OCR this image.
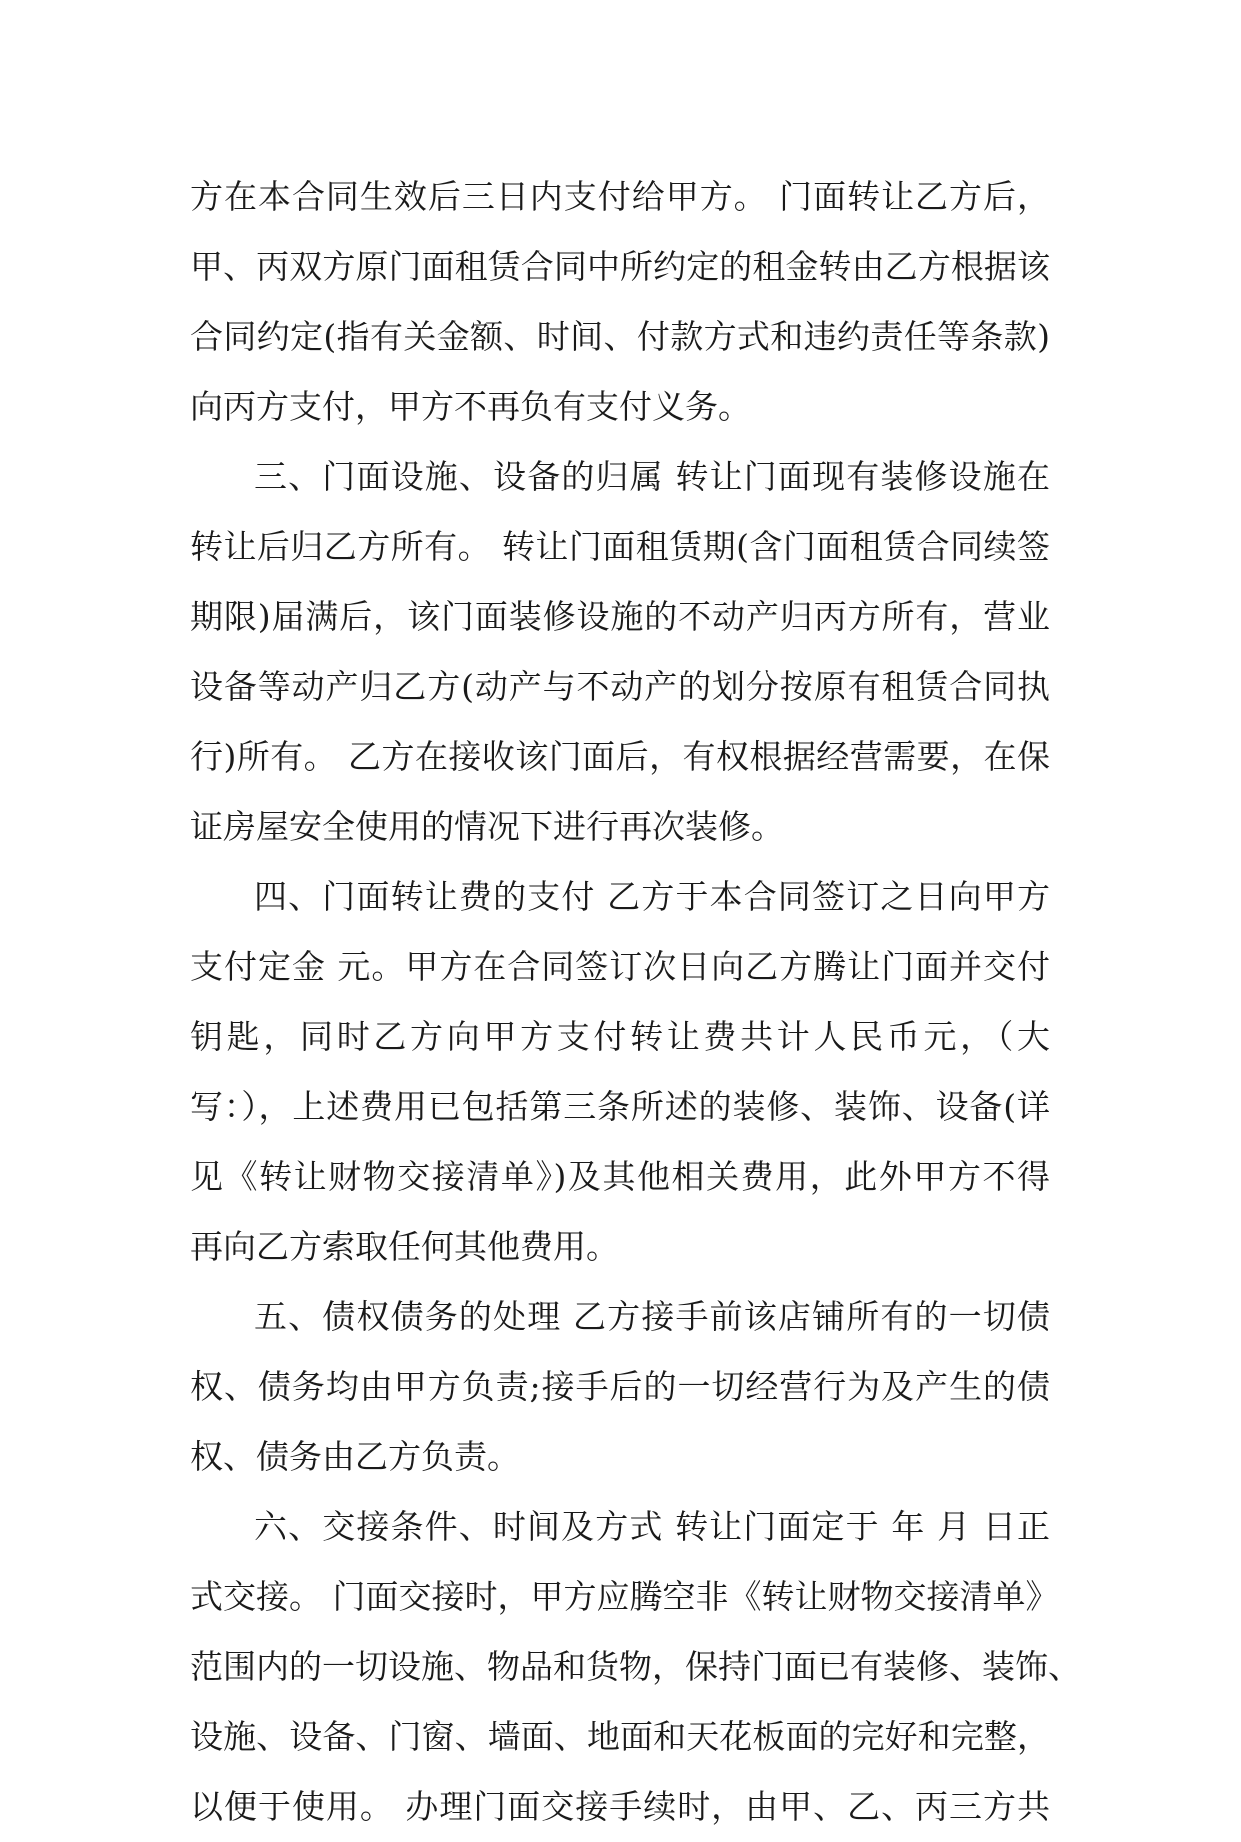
方在本合同生效后三日内支付给甲方。 门面转让乙方后，
甲、丙双方原门面租赁合同中所约定的租金转由乙方根据该
合同约定(指有关金额、时间、付款方式和违约责任等条款)
向丙方支付，甲方不再负有支付义务。
三、门面设施、设备的归属 转让门面现有装修设施在
转让后归乙方所有。 转让门面租赁期(含门面租赁合同续签
期限)届满后，该门面装修设施的不动产归丙方所有，营业
设备等动产归乙方(动产与不动产的划分按原有租赁合同执
行)所有。 乙方在接收该门面后，有权根据经营需要，在保
证房屋安全使用的情况下进行再次装修。
四、门面转让费的支付 乙方于本合同签订之日向甲方
支付定金 元。甲方在合同签订次日向乙方腾让门面并交付
钥匙，同时乙方向甲方支付转让费共计人民币元，（大
写：），上述费用已包括第三条所述的装修、装饰、设备(详
见《转让财物交接清单》)及其他相关费用，此外甲方不得
再向乙方索取任何其他费用。
五、债权债务的处理 乙方接手前该店铺所有的一切债
权、债务均由甲方负责;接手后的一切经营行为及产生的债
权、债务由乙方负责。
六、交接条件、时间及方式 转让门面定于 年 月 日正
式交接。 门面交接时，甲方应腾空非《转让财物交接清单》
范围内的一切设施、物品和货物，保持门面已有装修、装饰、
设施、设备、门窗、墙面、地面和天花板面的完好和完整，
以便于使用。 办理门面交接手续时，由甲、乙、丙三方共
